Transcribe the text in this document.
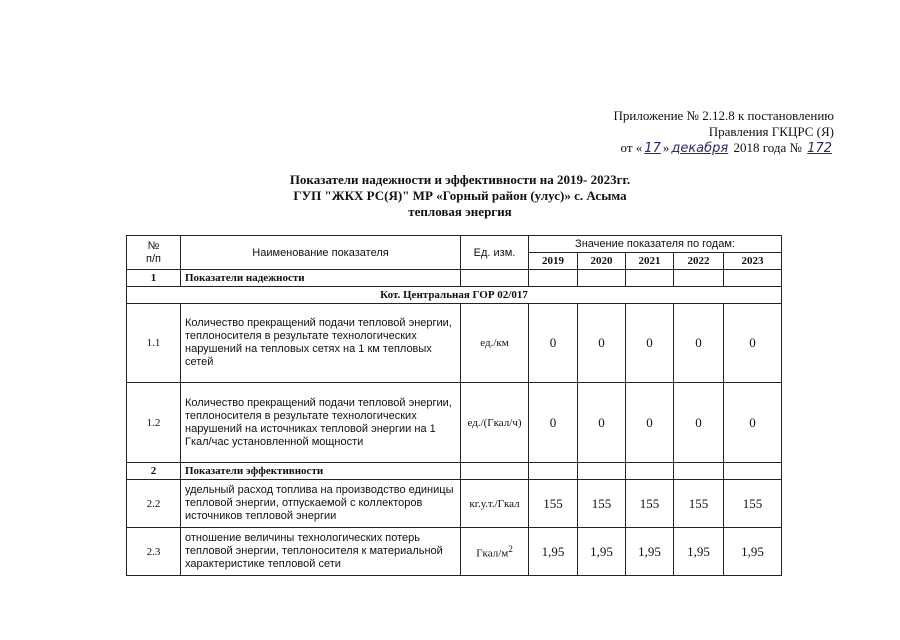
Приложение № 2.12.8 к постановлению
Правления ГКЦРС (Я)
от « 17 » декабря 2018 года № 172
Показатели надежности и эффективности на 2019- 2023гг.
ГУП "ЖКХ РС(Я)" МР «Горный район (улус)» с. Асыма
тепловая энергия
№
п/п	Наименование показателя	Ед. изм.	Значение показателя по годам:				
			2019	2020	2021	2022	2023
1	Показатели надежности						
Кот. Центральная ГОР 02/017							
1.1	Количество прекращений подачи тепловой энергии, теплоносителя в результате технологических нарушений на тепловых сетях на 1 км тепловых сетей	ед./км	0	0	0	0	0
1.2	Количество прекращений подачи тепловой энергии, теплоносителя в результате технологических нарушений на источниках тепловой энергии на 1 Гкал/час установленной мощности	ед./(Гкал/ч)	0	0	0	0	0
2	Показатели эффективности						
2.2	удельный расход топлива на производство единицы тепловой энергии, отпускаемой с коллекторов источников тепловой энергии	кг.у.т./Гкал	155	155	155	155	155
2.3	отношение величины технологических потерь тепловой энергии, теплоносителя к материальной характеристике тепловой сети	Гкал/$м^2$	1,95	1,95	1,95	1,95	1,95
